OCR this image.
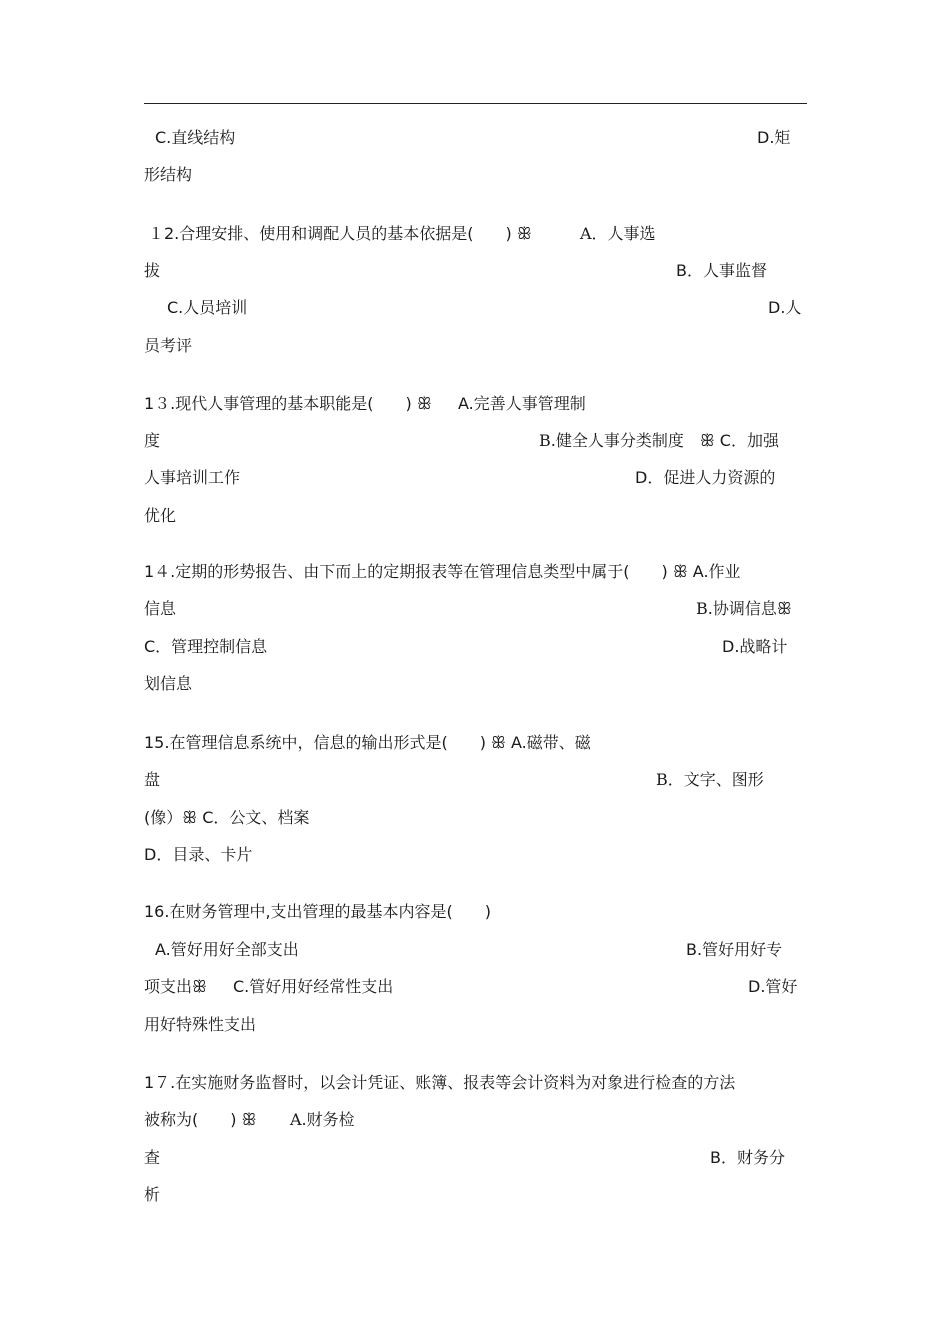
C.直线结构	D.矩
形结构
１2.合理安排、使用和调配人员的基本依据是(　　) ꕥ	A．人事选
拔	B．人事监督
C.人员培训	D.人
员考评
1３.现代人事管理的基本职能是(　　) ꕥ A.完善人事管理制
度	B.健全人事分类制度　ꕥ C．加强
人事培训工作	D．促进人力资源的
优化
1４.定期的形势报告、由下而上的定期报表等在管理信息类型中属于(　　) ꕥ A.作业
信息	B.协调信息ꕥ
C．管理控制信息	D.战略计
划信息
15.在管理信息系统中，信息的输出形式是(　　) ꕥ A.磁带、磁
盘	B．文字、图形
(像）ꕥ C．公文、档案
D．目录、卡片
16.在财务管理中,支出管理的最基本内容是(　　)
A.管好用好全部支出	B.管好用好专
项支出ꕥ C.管好用好经常性支出	D.管好
用好特殊性支出
1７.在实施财务监督时，以会计凭证、账簿、报表等会计资料为对象进行检查的方法
被称为(　　) ꕥ A.财务检
查	B．财务分
析
